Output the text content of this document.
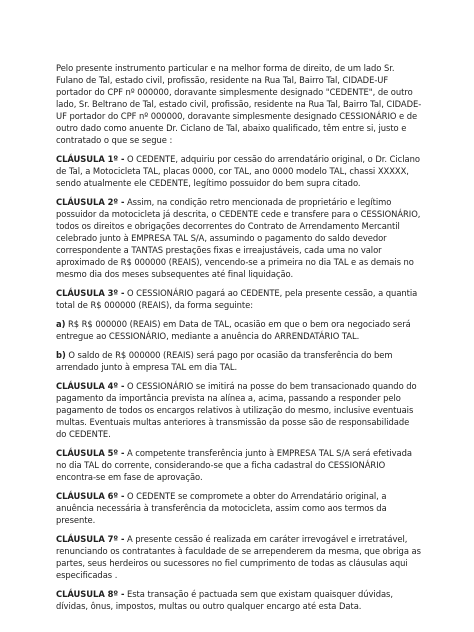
Pelo presente instrumento particular e na melhor forma de direito, de um lado Sr. Fulano de Tal, estado civil, profissão, residente na Rua Tal, Bairro Tal, CIDADE-UF portador do CPF nº 000000, doravante simplesmente designado "CEDENTE", de outro lado, Sr. Beltrano de Tal, estado civil, profissão, residente na Rua Tal, Bairro Tal, CIDADE-UF portador do CPF nº 000000, doravante simplesmente designado CESSIONÁRIO e de outro dado como anuente Dr. Ciclano de Tal, abaixo qualificado, têm entre si, justo e contratado o que se segue :

CLÁUSULA 1º - O CEDENTE, adquiriu por cessão do arrendatário original, o Dr. Ciclano de Tal, a Motocicleta TAL, placas 0000, cor TAL, ano 0000 modelo TAL, chassi XXXXX, sendo atualmente ele CEDENTE, legítimo possuidor do bem supra citado.

CLÁUSULA 2º - Assim, na condição retro mencionada de proprietário e legítimo possuidor da motocicleta já descrita, o CEDENTE cede e transfere para o CESSIONÁRIO, todos os direitos e obrigações decorrentes do Contrato de Arrendamento Mercantil celebrado junto à EMPRESA TAL S/A, assumindo o pagamento do saldo devedor correspondente a TANTAS prestações fixas e irreajustáveis, cada uma no valor aproximado de R$ 000000 (REAIS), vencendo-se a primeira no dia TAL e as demais no mesmo dia dos meses subsequentes até final liquidação.

CLÁUSULA 3º - O CESSIONÁRIO pagará ao CEDENTE, pela presente cessão, a quantia total de R$ 000000 (REAIS), da forma seguinte:

a) R$ R$ 000000 (REAIS) em Data de TAL, ocasião em que o bem ora negociado será entregue ao CESSIONÁRIO, mediante a anuência do ARRENDATÁRIO TAL.

b) O saldo de R$ 000000 (REAIS) será pago por ocasião da transferência do bem arrendado junto à empresa TAL em dia TAL.

CLÁUSULA 4º - O CESSIONÁRIO se imitirá na posse do bem transacionado quando do pagamento da importância prevista na alínea a, acima, passando a responder pelo pagamento de todos os encargos relativos à utilização do mesmo, inclusive eventuais multas. Eventuais multas anteriores à transmissão da posse são de responsabilidade do CEDENTE.

CLÁUSULA 5º - A competente transferência junto à EMPRESA TAL S/A será efetivada no dia TAL do corrente, considerando-se que a ficha cadastral do CESSIONÁRIO encontra-se em fase de aprovação.

CLÁUSULA 6º - O CEDENTE se compromete a obter do Arrendatário original, a anuência necessária à transferência da motocicleta, assim como aos termos da presente.

CLÁUSULA 7º - A presente cessão é realizada em caráter irrevogável e irretratável, renunciando os contratantes à faculdade de se arrependerem da mesma, que obriga as partes, seus herdeiros ou sucessores no fiel cumprimento de todas as cláusulas aqui especificadas .

CLÁUSULA 8º - Esta transação é pactuada sem que existam quaisquer dúvidas, dívidas, ônus, impostos, multas ou outro qualquer encargo até esta Data.
